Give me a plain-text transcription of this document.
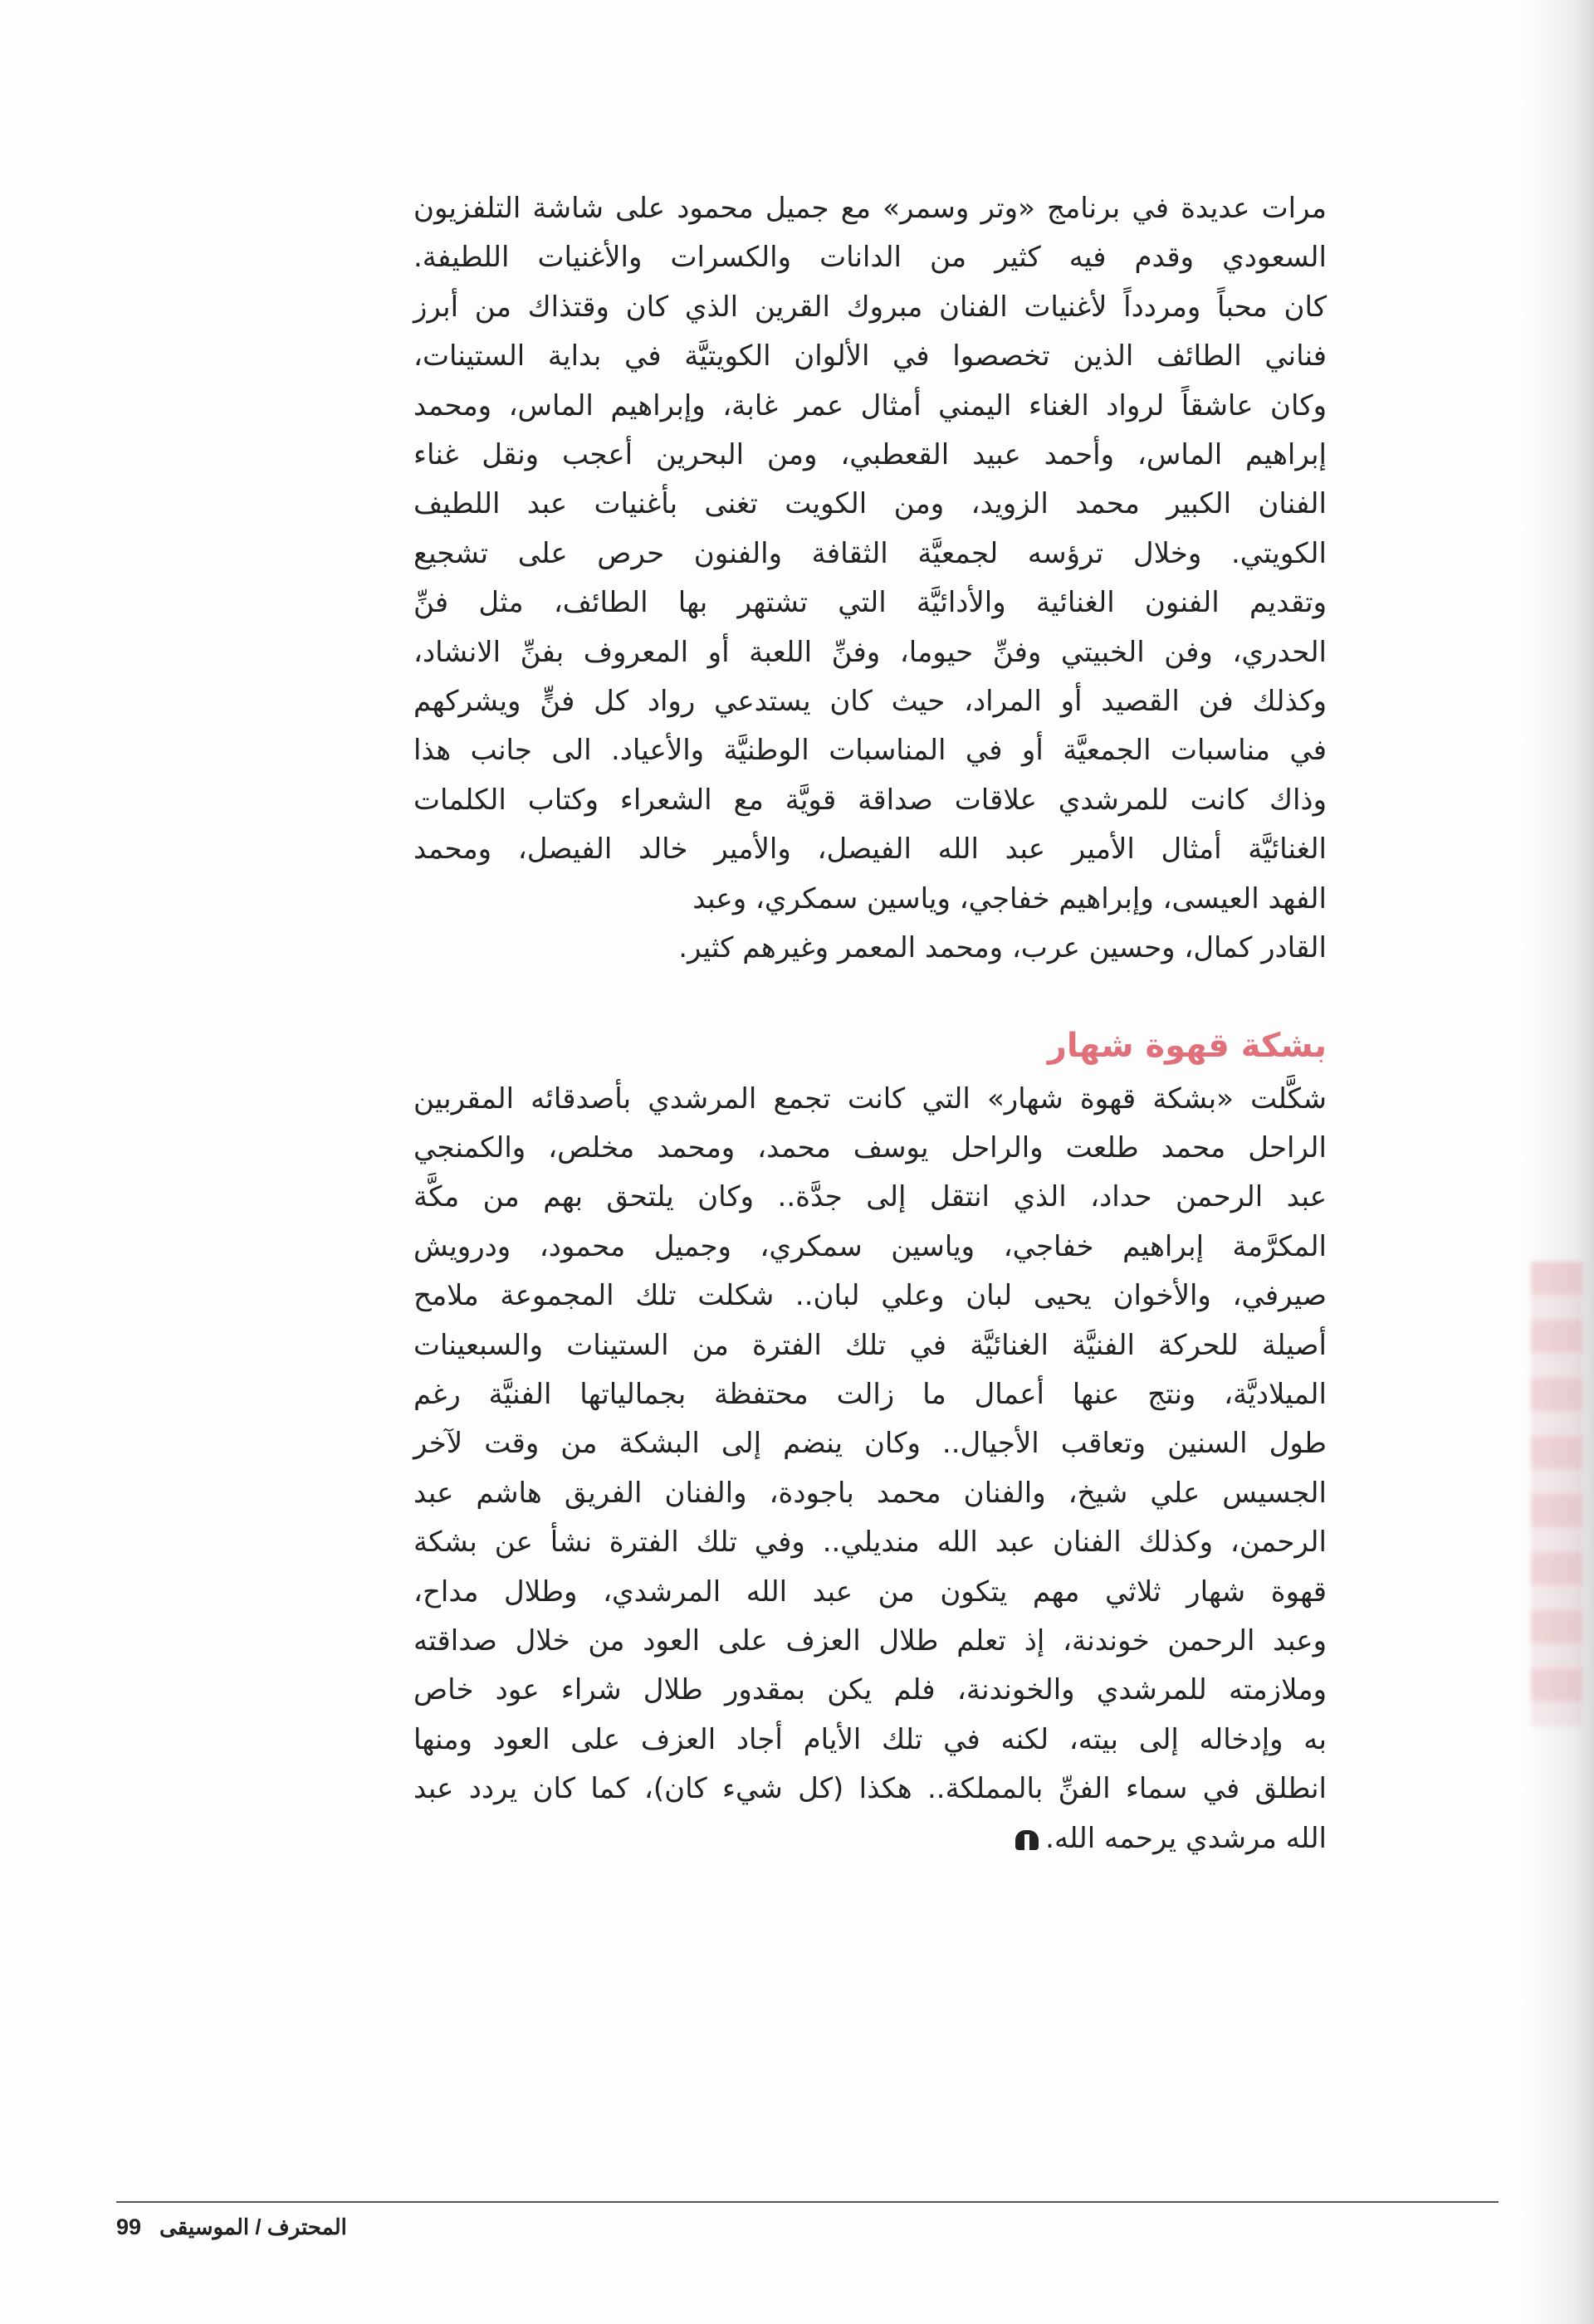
مرات عديدة في برنامج «وتر وسمر» مع جميل محمود على شاشة التلفزيون
السعودي وقدم فيه كثير من الدانات والكسرات والأغنيات اللطيفة.
كان محباً ومردداً لأغنيات الفنان مبروك القرين الذي كان وقتذاك من أبرز
فناني الطائف الذين تخصصوا في الألوان الكويتيَّة في بداية الستينات،
وكان عاشقاً لرواد الغناء اليمني أمثال عمر غابة، وإبراهيم الماس، ومحمد
إبراهيم الماس، وأحمد عبيد القعطبي، ومن البحرين أعجب ونقل غناء
الفنان الكبير محمد الزويد، ومن الكويت تغنى بأغنيات عبد اللطيف
الكويتي. وخلال ترؤسه لجمعيَّة الثقافة والفنون حرص على تشجيع
وتقديم الفنون الغنائية والأدائيَّة التي تشتهر بها الطائف، مثل فنِّ
الحدري، وفن الخبيتي وفنِّ حيوما، وفنِّ اللعبة أو المعروف بفنِّ الانشاد،
وكذلك فن القصيد أو المراد، حيث كان يستدعي رواد كل فنٍّ ويشركهم
في مناسبات الجمعيَّة أو في المناسبات الوطنيَّة والأعياد. الى جانب هذا
وذاك كانت للمرشدي علاقات صداقة قويَّة مع الشعراء وكتاب الكلمات
الغنائيَّة أمثال الأمير عبد الله الفيصل، والأمير خالد الفيصل، ومحمد
الفهد العيسى، وإبراهيم خفاجي، وياسين سمكري، وعبد
القادر كمال، وحسين عرب، ومحمد المعمر وغيرهم كثير.

بشكة قهوة شهار

شكَّلت «بشكة قهوة شهار» التي كانت تجمع المرشدي بأصدقائه المقربين
الراحل محمد طلعت والراحل يوسف محمد، ومحمد مخلص، والكمنجي
عبد الرحمن حداد، الذي انتقل إلى جدَّة.. وكان يلتحق بهم من مكَّة
المكرَّمة إبراهيم خفاجي، وياسين سمكري، وجميل محمود، ودرويش
صيرفي، والأخوان يحيى لبان وعلي لبان.. شكلت تلك المجموعة ملامح
أصيلة للحركة الفنيَّة الغنائيَّة في تلك الفترة من الستينات والسبعينات
الميلاديَّة، ونتج عنها أعمال ما زالت محتفظة بجمالياتها الفنيَّة رغم
طول السنين وتعاقب الأجيال.. وكان ينضم إلى البشكة من وقت لآخر
الجسيس علي شيخ، والفنان محمد باجودة، والفنان الفريق هاشم عبد
الرحمن، وكذلك الفنان عبد الله منديلي.. وفي تلك الفترة نشأ عن بشكة
قهوة شهار ثلاثي مهم يتكون من عبد الله المرشدي، وطلال مداح،
وعبد الرحمن خوندنة، إذ تعلم طلال العزف على العود من خلال صداقته
وملازمته للمرشدي والخوندنة، فلم يكن بمقدور طلال شراء عود خاص
به وإدخاله إلى بيته، لكنه في تلك الأيام أجاد العزف على العود ومنها
انطلق في سماء الفنِّ بالمملكة.. هكذا (كل شيء كان)، كما كان يردد عبد
الله مرشدي يرحمه الله.

99 المحترف / الموسيقى
